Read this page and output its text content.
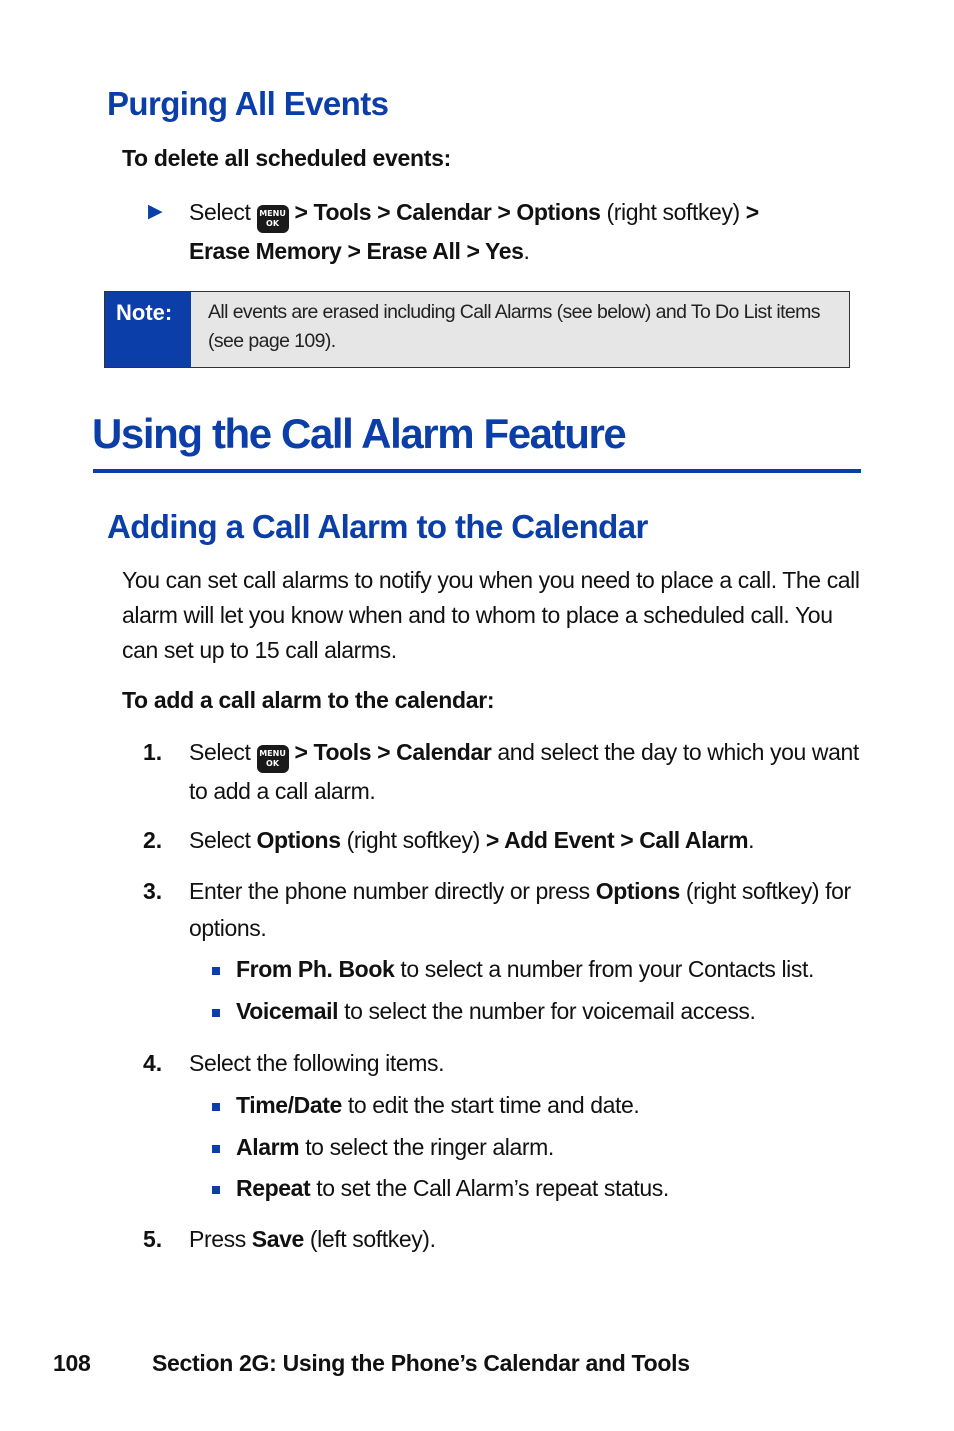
Purging All Events
To delete all scheduled events:
▶ Select MENU
OK > Tools > Calendar > Options (right softkey) >
Erase Memory > Erase All > Yes.
Note:	All events are erased including Call Alarms (see below) and To Do List items (see page 109).
Using the Call Alarm Feature
Adding a Call Alarm to the Calendar
You can set call alarms to notify you when you need to place a call. The call alarm will let you know when and to whom to place a scheduled call. You can set up to 15 call alarms.
To add a call alarm to the calendar:
1. Select MENU
OK > Tools > Calendar and select the day to which you want to add a call alarm.
2. Select Options (right softkey) > Add Event > Call Alarm.
3. Enter the phone number directly or press Options (right softkey) for options.
From Ph. Book to select a number from your Contacts list.
Voicemail to select the number for voicemail access.
4. Select the following items.
Time/Date to edit the start time and date.
Alarm to select the ringer alarm.
Repeat to set the Call Alarm’s repeat status.
5. Press Save (left softkey).
108	Section 2G: Using the Phone’s Calendar and Tools
